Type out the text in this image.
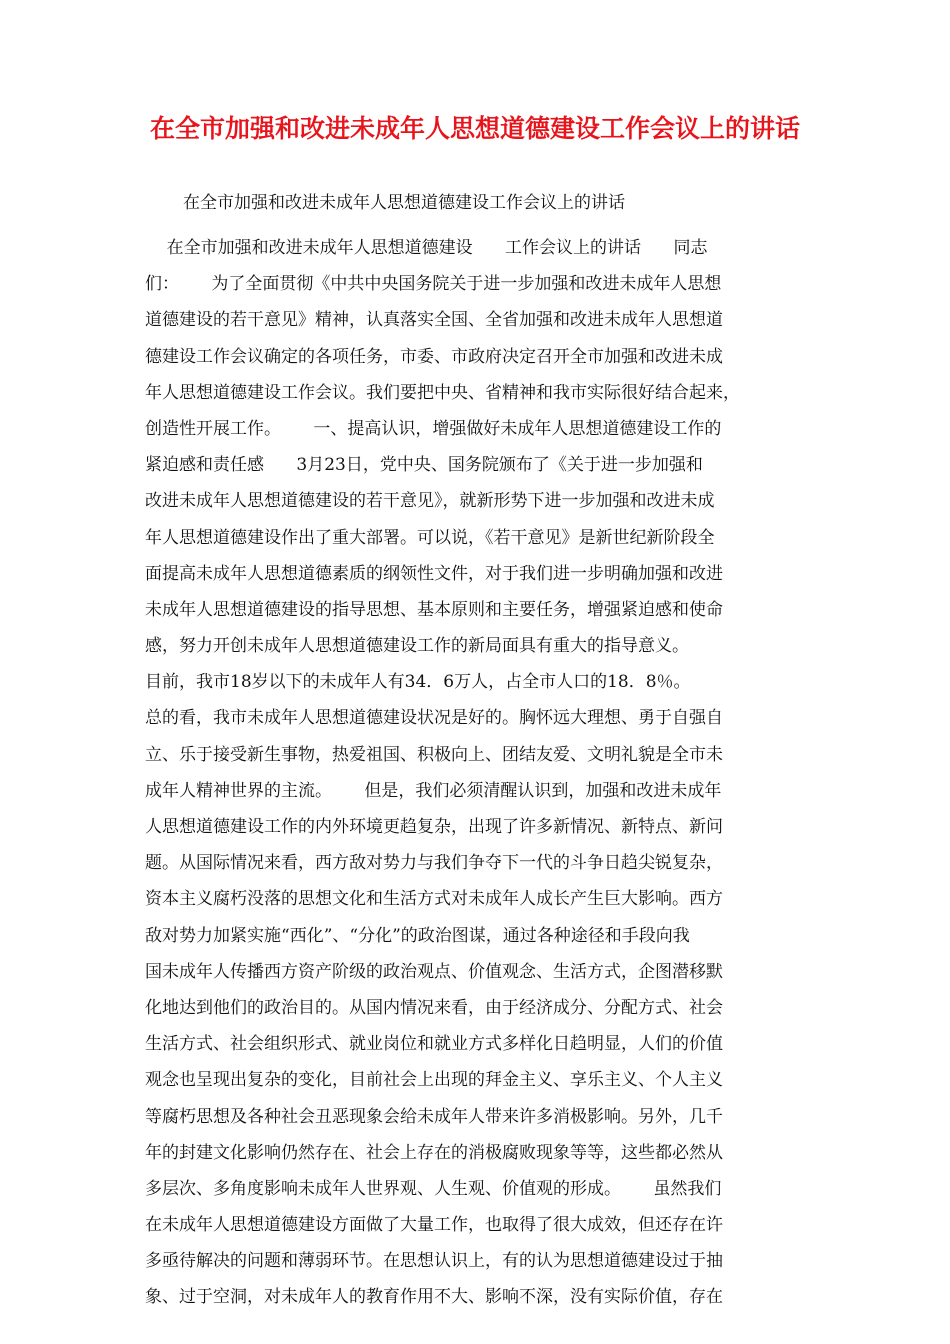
在全市加强和改进未成年人思想道德建设工作会议上的讲话

在全市加强和改进未成年人思想道德建设工作会议上的讲话

在全市加强和改进未成年人思想道德建设      工作会议上的讲话      同志
们：      为了全面贯彻《中共中央国务院关于进一步加强和改进未成年人思想
道德建设的若干意见》精神，认真落实全国、全省加强和改进未成年人思想道
德建设工作会议确定的各项任务，市委、市政府决定召开全市加强和改进未成
年人思想道德建设工作会议。我们要把中央、省精神和我市实际很好结合起来，
创造性开展工作。      一、提高认识，增强做好未成年人思想道德建设工作的
紧迫感和责任感      3月23日，党中央、国务院颁布了《关于进一步加强和
改进未成年人思想道德建设的若干意见》，就新形势下进一步加强和改进未成
年人思想道德建设作出了重大部署。可以说，《若干意见》是新世纪新阶段全
面提高未成年人思想道德素质的纲领性文件，对于我们进一步明确加强和改进
未成年人思想道德建设的指导思想、基本原则和主要任务，增强紧迫感和使命
感，努力开创未成年人思想道德建设工作的新局面具有重大的指导意义。
目前，我市18岁以下的未成年人有34．6万人，占全市人口的18．8％。
总的看，我市未成年人思想道德建设状况是好的。胸怀远大理想、勇于自强自
立、乐于接受新生事物，热爱祖国、积极向上、团结友爱、文明礼貌是全市未
成年人精神世界的主流。      但是，我们必须清醒认识到，加强和改进未成年
人思想道德建设工作的内外环境更趋复杂，出现了许多新情况、新特点、新问
题。从国际情况来看，西方敌对势力与我们争夺下一代的斗争日趋尖锐复杂，
资本主义腐朽没落的思想文化和生活方式对未成年人成长产生巨大影响。西方
敌对势力加紧实施“西化”、“分化”的政治图谋，通过各种途径和手段向我
国未成年人传播西方资产阶级的政治观点、价值观念、生活方式，企图潜移默
化地达到他们的政治目的。从国内情况来看，由于经济成分、分配方式、社会
生活方式、社会组织形式、就业岗位和就业方式多样化日趋明显，人们的价值
观念也呈现出复杂的变化，目前社会上出现的拜金主义、享乐主义、个人主义
等腐朽思想及各种社会丑恶现象会给未成年人带来许多消极影响。另外，几千
年的封建文化影响仍然存在、社会上存在的消极腐败现象等等，这些都必然从
多层次、多角度影响未成年人世界观、人生观、价值观的形成。      虽然我们
在未成年人思想道德建设方面做了大量工作，也取得了很大成效，但还存在许
多亟待解决的问题和薄弱环节。在思想认识上，有的认为思想道德建设过于抽
象、过于空洞，对未成年人的教育作用不大、影响不深，没有实际价值，存在
